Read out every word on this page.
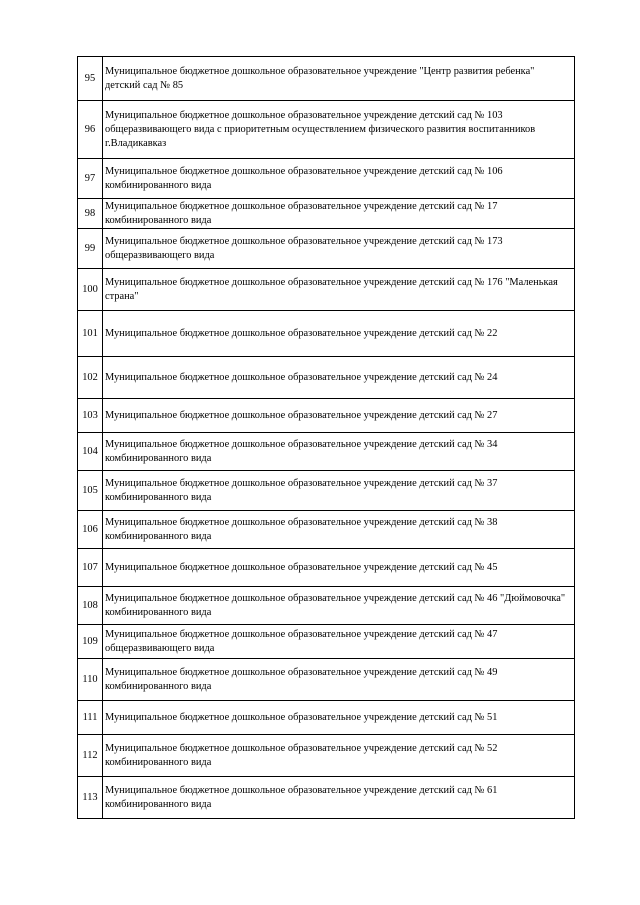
95	Муниципальное бюджетное дошкольное образовательное учреждение "Центр развития ребенка" детский сад № 85
96	Муниципальное бюджетное дошкольное образовательное учреждение детский сад № 103 общеразвивающего вида с приоритетным осуществлением физического развития воспитанников г.Владикавказ
97	Муниципальное бюджетное дошкольное образовательное учреждение детский сад № 106 комбинированного вида
98	Муниципальное бюджетное дошкольное образовательное учреждение детский сад № 17 комбинированного вида
99	Муниципальное бюджетное дошкольное образовательное учреждение детский сад № 173 общеразвивающего вида
100	Муниципальное бюджетное дошкольное образовательное учреждение детский сад № 176 "Маленькая страна"
101	Муниципальное бюджетное дошкольное образовательное учреждение детский сад № 22
102	Муниципальное бюджетное дошкольное образовательное учреждение детский сад № 24
103	Муниципальное бюджетное дошкольное образовательное учреждение детский сад № 27
104	Муниципальное бюджетное дошкольное образовательное учреждение детский сад № 34 комбинированного вида
105	Муниципальное бюджетное дошкольное образовательное учреждение детский сад № 37 комбинированного вида
106	Муниципальное бюджетное дошкольное образовательное учреждение детский сад № 38 комбинированного вида
107	Муниципальное бюджетное дошкольное образовательное учреждение детский сад № 45
108	Муниципальное бюджетное дошкольное образовательное учреждение детский сад № 46 "Дюймовочка" комбинированного вида
109	Муниципальное бюджетное дошкольное образовательное учреждение детский сад № 47 общеразвивающего вида
110	Муниципальное бюджетное дошкольное образовательное учреждение детский сад № 49 комбинированного вида
111	Муниципальное бюджетное дошкольное образовательное учреждение детский сад № 51
112	Муниципальное бюджетное дошкольное образовательное учреждение детский сад № 52 комбинированного вида
113	Муниципальное бюджетное дошкольное образовательное учреждение детский сад № 61 комбинированного вида
